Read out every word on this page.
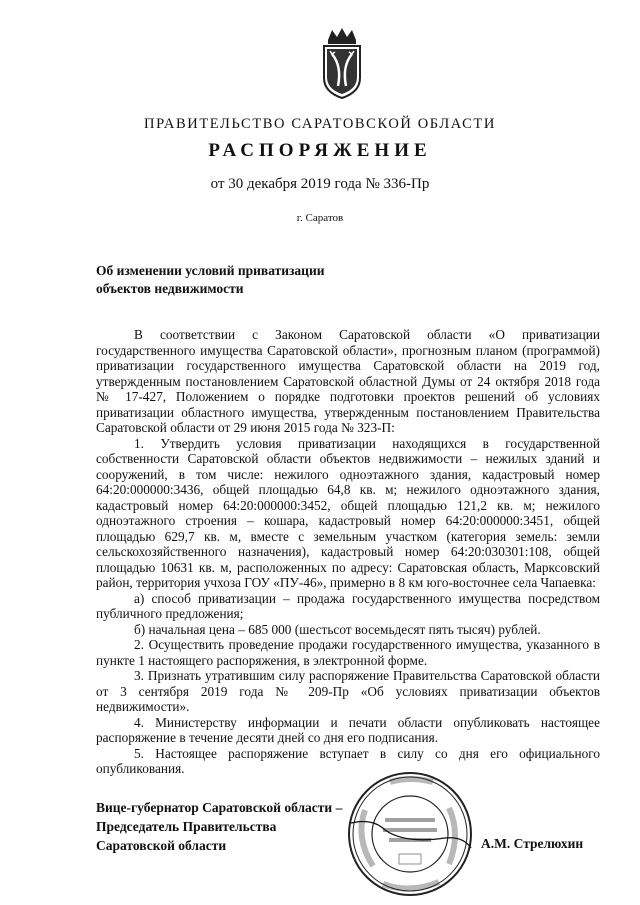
ПРАВИТЕЛЬСТВО САРАТОВСКОЙ ОБЛАСТИ
РАСПОРЯЖЕНИЕ
от 30 декабря 2019 года № 336-Пр
г. Саратов
Об изменении условий приватизации
объектов недвижимости

В соответствии с Законом Саратовской области «О приватизации государственного имущества Саратовской области», прогнозным планом (программой) приватизации государственного имущества Саратовской области на 2019 год, утвержденным постановлением Саратовской областной Думы от 24 октября 2018 года № 17-427, Положением о порядке подготовки проектов решений об условиях приватизации областного имущества, утвержденным постановлением Правительства Саратовской области от 29 июня 2015 года № 323-П:

1. Утвердить условия приватизации находящихся в государственной собственности Саратовской области объектов недвижимости – нежилых зданий и сооружений, в том числе: нежилого одноэтажного здания, кадастровый номер 64:20:000000:3436, общей площадью 64,8 кв. м; нежилого одноэтажного здания, кадастровый номер 64:20:000000:3452, общей площадью 121,2 кв. м; нежилого одноэтажного строения – кошара, кадастровый номер 64:20:000000:3451, общей площадью 629,7 кв. м, вместе с земельным участком (категория земель: земли сельскохозяйственного назначения), кадастровый номер 64:20:030301:108, общей площадью 10631 кв. м, расположенных по адресу: Саратовская область, Марксовский район, территория учхоза ГОУ «ПУ-46», примерно в 8 км юго-восточнее села Чапаевка:

а) способ приватизации – продажа государственного имущества посредством публичного предложения;

б) начальная цена – 685 000 (шестьсот восемьдесят пять тысяч) рублей.

2. Осуществить проведение продажи государственного имущества, указанного в пункте 1 настоящего распоряжения, в электронной форме.

3. Признать утратившим силу распоряжение Правительства Саратовской области от 3 сентября 2019 года № 209-Пр «Об условиях приватизации объектов недвижимости».

4. Министерству информации и печати области опубликовать настоящее распоряжение в течение десяти дней со дня его подписания.

5. Настоящее распоряжение вступает в силу со дня его официального опубликования.

Вице-губернатор Саратовской области –
Председатель Правительства
Саратовской области	А.М. Стрелюхин
